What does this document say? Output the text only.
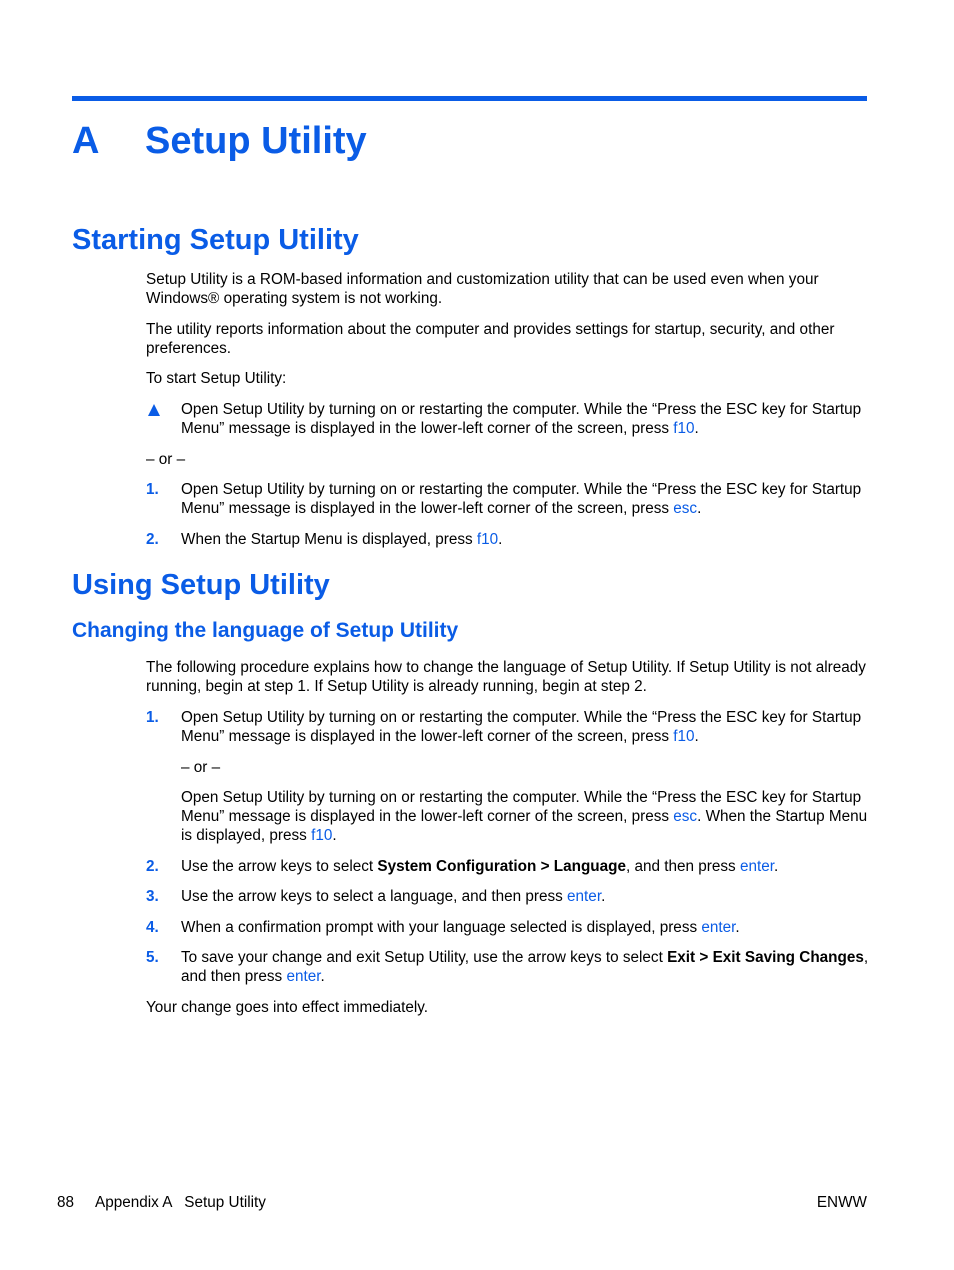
A Setup Utility
Starting Setup Utility

Setup Utility is a ROM-based information and customization utility that can be used even when your Windows® operating system is not working.

The utility reports information about the computer and provides settings for startup, security, and other preferences.

To start Setup Utility:

Open Setup Utility by turning on or restarting the computer. While the “Press the ESC key for Startup Menu” message is displayed in the lower-left corner of the screen, press f10.

– or –

1. Open Setup Utility by turning on or restarting the computer. While the “Press the ESC key for Startup Menu” message is displayed in the lower-left corner of the screen, press esc.
2. When the Startup Menu is displayed, press f10.
Using Setup Utility
Changing the language of Setup Utility

The following procedure explains how to change the language of Setup Utility. If Setup Utility is not already running, begin at step 1. If Setup Utility is already running, begin at step 2.

1. Open Setup Utility by turning on or restarting the computer. While the “Press the ESC key for Startup Menu” message is displayed in the lower-left corner of the screen, press f10.

– or –

Open Setup Utility by turning on or restarting the computer. While the “Press the ESC key for Startup Menu” message is displayed in the lower-left corner of the screen, press esc. When the Startup Menu is displayed, press f10.

2. Use the arrow keys to select System Configuration > Language, and then press enter.
3. Use the arrow keys to select a language, and then press enter.
4. When a confirmation prompt with your language selected is displayed, press enter.
5. To save your change and exit Setup Utility, use the arrow keys to select Exit > Exit Saving Changes, and then press enter.

Your change goes into effect immediately.

88 Appendix A   Setup Utility	ENWW
